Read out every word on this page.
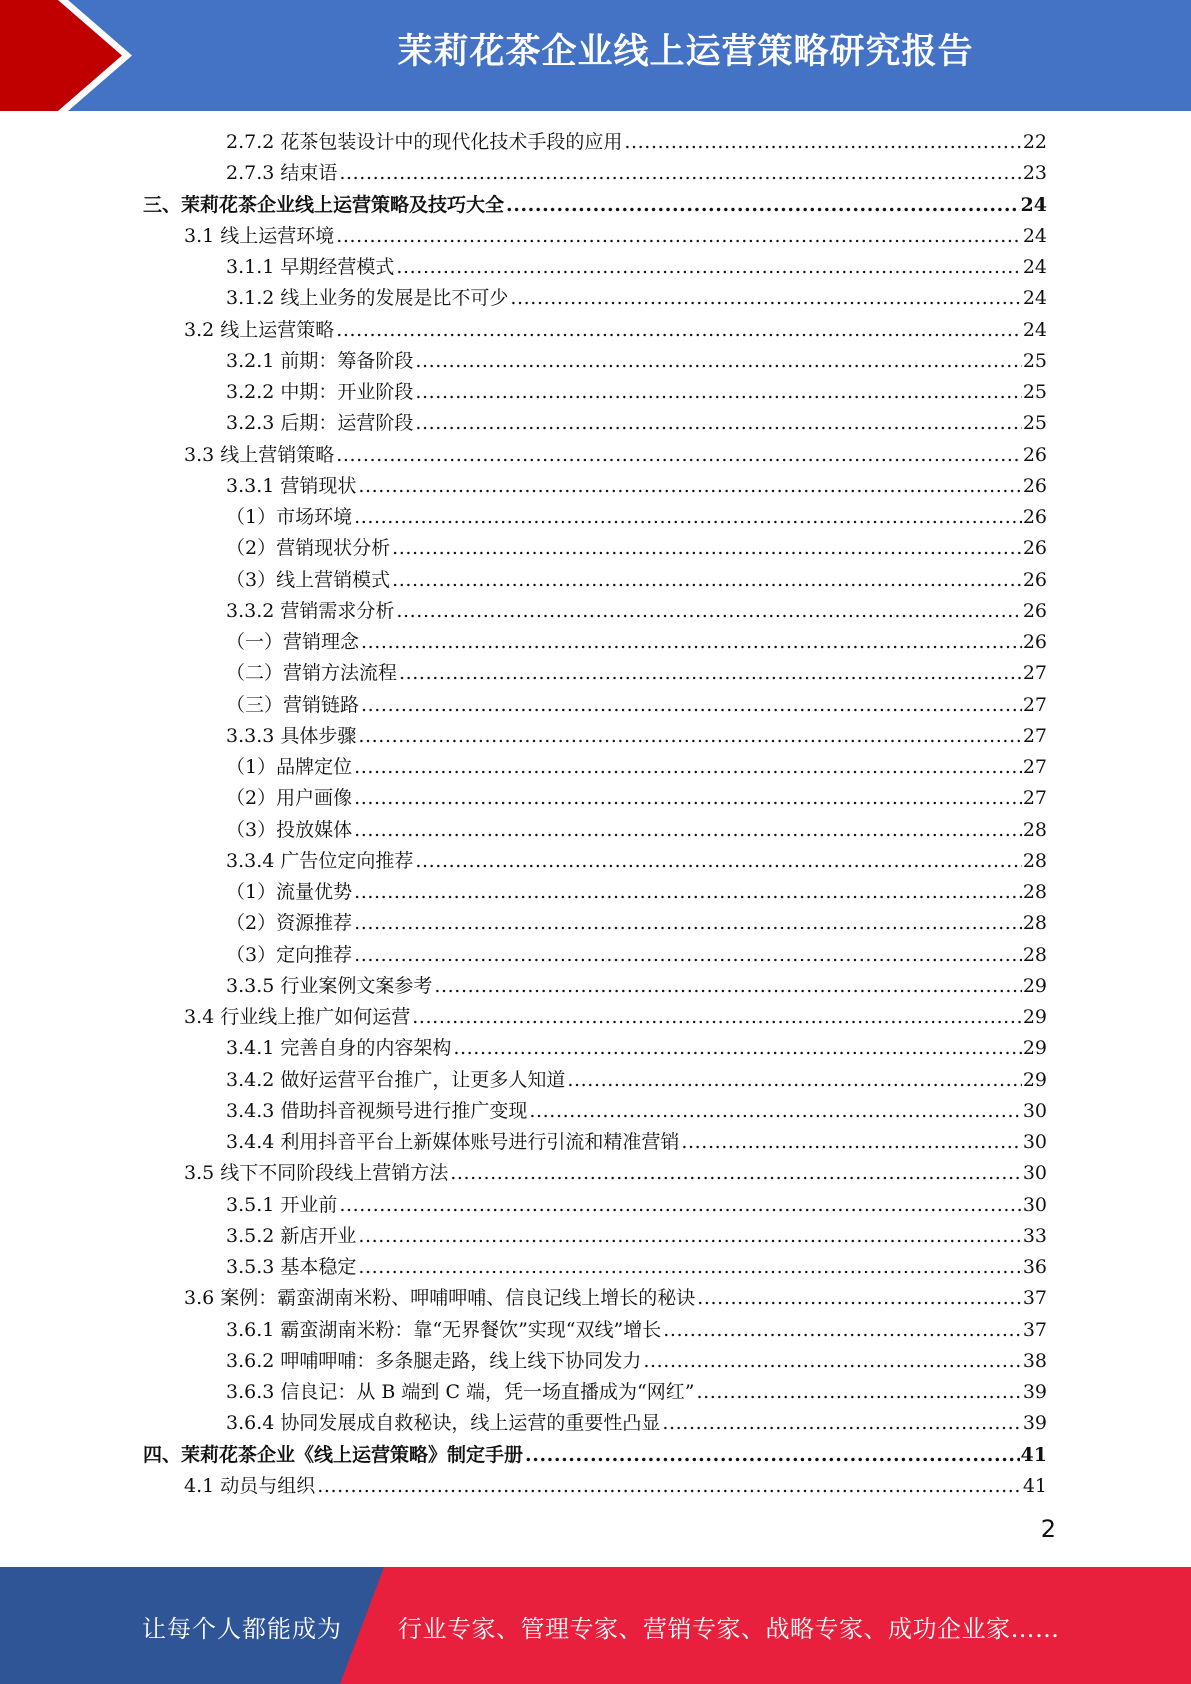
茉莉花茶企业线上运营策略研究报告
2.7.2 花茶包装设计中的现代化技术手段的应用 .....	22
2.7.3 结束语 .....	23
三、茉莉花茶企业线上运营策略及技巧大全 .....	24
3.1 线上运营环境 .....	24
3.1.1 早期经营模式 .....	24
3.1.2 线上业务的发展是比不可少 .....	24
3.2 线上运营策略 .....	24
3.2.1 前期：筹备阶段 .....	25
3.2.2 中期：开业阶段 .....	25
3.2.3 后期：运营阶段 .....	25
3.3 线上营销策略 .....	26
3.3.1 营销现状 .....	26
（1）市场环境 .....	26
（2）营销现状分析 .....	26
（3）线上营销模式 .....	26
3.3.2 营销需求分析 .....	26
（一）营销理念 .....	26
（二）营销方法流程 .....	27
（三）营销链路 .....	27
3.3.3 具体步骤 .....	27
（1）品牌定位 .....	27
（2）用户画像 .....	27
（3）投放媒体 .....	28
3.3.4 广告位定向推荐 .....	28
（1）流量优势 .....	28
（2）资源推荐 .....	28
（3）定向推荐 .....	28
3.3.5 行业案例文案参考 .....	29
3.4 行业线上推广如何运营 .....	29
3.4.1 完善自身的内容架构 .....	29
3.4.2 做好运营平台推广，让更多人知道 .....	29
3.4.3 借助抖音视频号进行推广变现 .....	30
3.4.4 利用抖音平台上新媒体账号进行引流和精准营销 .....	30
3.5 线下不同阶段线上营销方法 .....	30
3.5.1 开业前 .....	30
3.5.2 新店开业 .....	33
3.5.3 基本稳定 .....	36
3.6 案例：霸蛮湖南米粉、呷哺呷哺、信良记线上增长的秘诀 .....	37
3.6.1 霸蛮湖南米粉：靠“无界餐饮”实现“双线”增长 .....	37
3.6.2 呷哺呷哺：多条腿走路，线上线下协同发力 .....	38
3.6.3 信良记：从 B 端到 C 端，凭一场直播成为“网红” .....	39
3.6.4 协同发展成自救秘诀，线上运营的重要性凸显 .....	39
四、茉莉花茶企业《线上运营策略》制定手册 .....	41
4.1 动员与组织 .....	41
2
让每个人都能成为 行业专家、管理专家、营销专家、战略专家、成功企业家……
